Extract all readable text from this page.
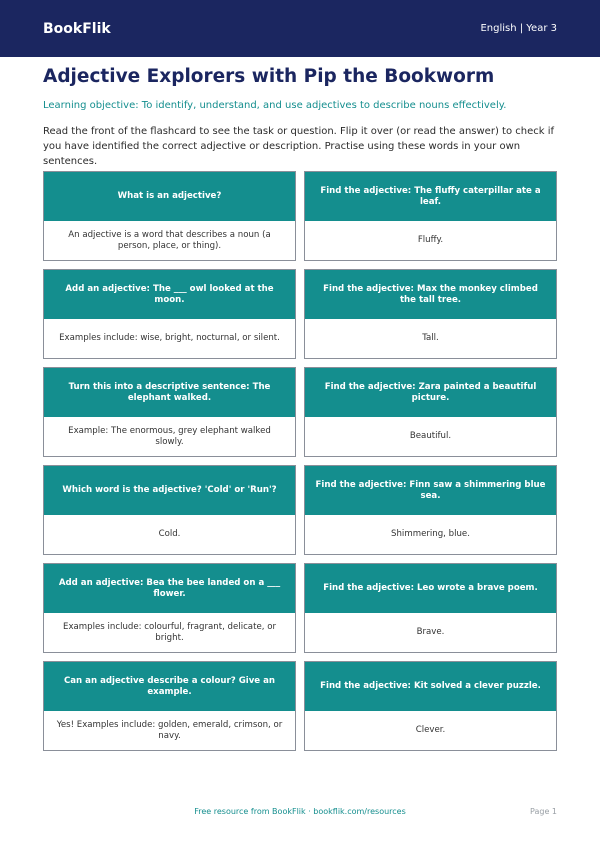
BookFlik	English | Year 3
Adjective Explorers with Pip the Bookworm

Learning objective: To identify, understand, and use adjectives to describe nouns effectively.

Read the front of the flashcard to see the task or question. Flip it over (or read the answer) to check if you have identified the correct adjective or description. Practise using these words in your own sentences.

What is an adjective?
An adjective is a word that describes a noun (a person, place, or thing).
Find the adjective: The fluffy caterpillar ate a leaf.
Fluffy.
Add an adjective: The ___ owl looked at the moon.
Examples include: wise, bright, nocturnal, or silent.
Find the adjective: Max the monkey climbed the tall tree.
Tall.
Turn this into a descriptive sentence: The elephant walked.
Example: The enormous, grey elephant walked slowly.
Find the adjective: Zara painted a beautiful picture.
Beautiful.
Which word is the adjective? 'Cold' or 'Run'?
Cold.
Find the adjective: Finn saw a shimmering blue sea.
Shimmering, blue.
Add an adjective: Bea the bee landed on a ___ flower.
Examples include: colourful, fragrant, delicate, or bright.
Find the adjective: Leo wrote a brave poem.
Brave.
Can an adjective describe a colour? Give an example.
Yes! Examples include: golden, emerald, crimson, or navy.
Find the adjective: Kit solved a clever puzzle.
Clever.
Free resource from BookFlik · bookflik.com/resources	Page 1
